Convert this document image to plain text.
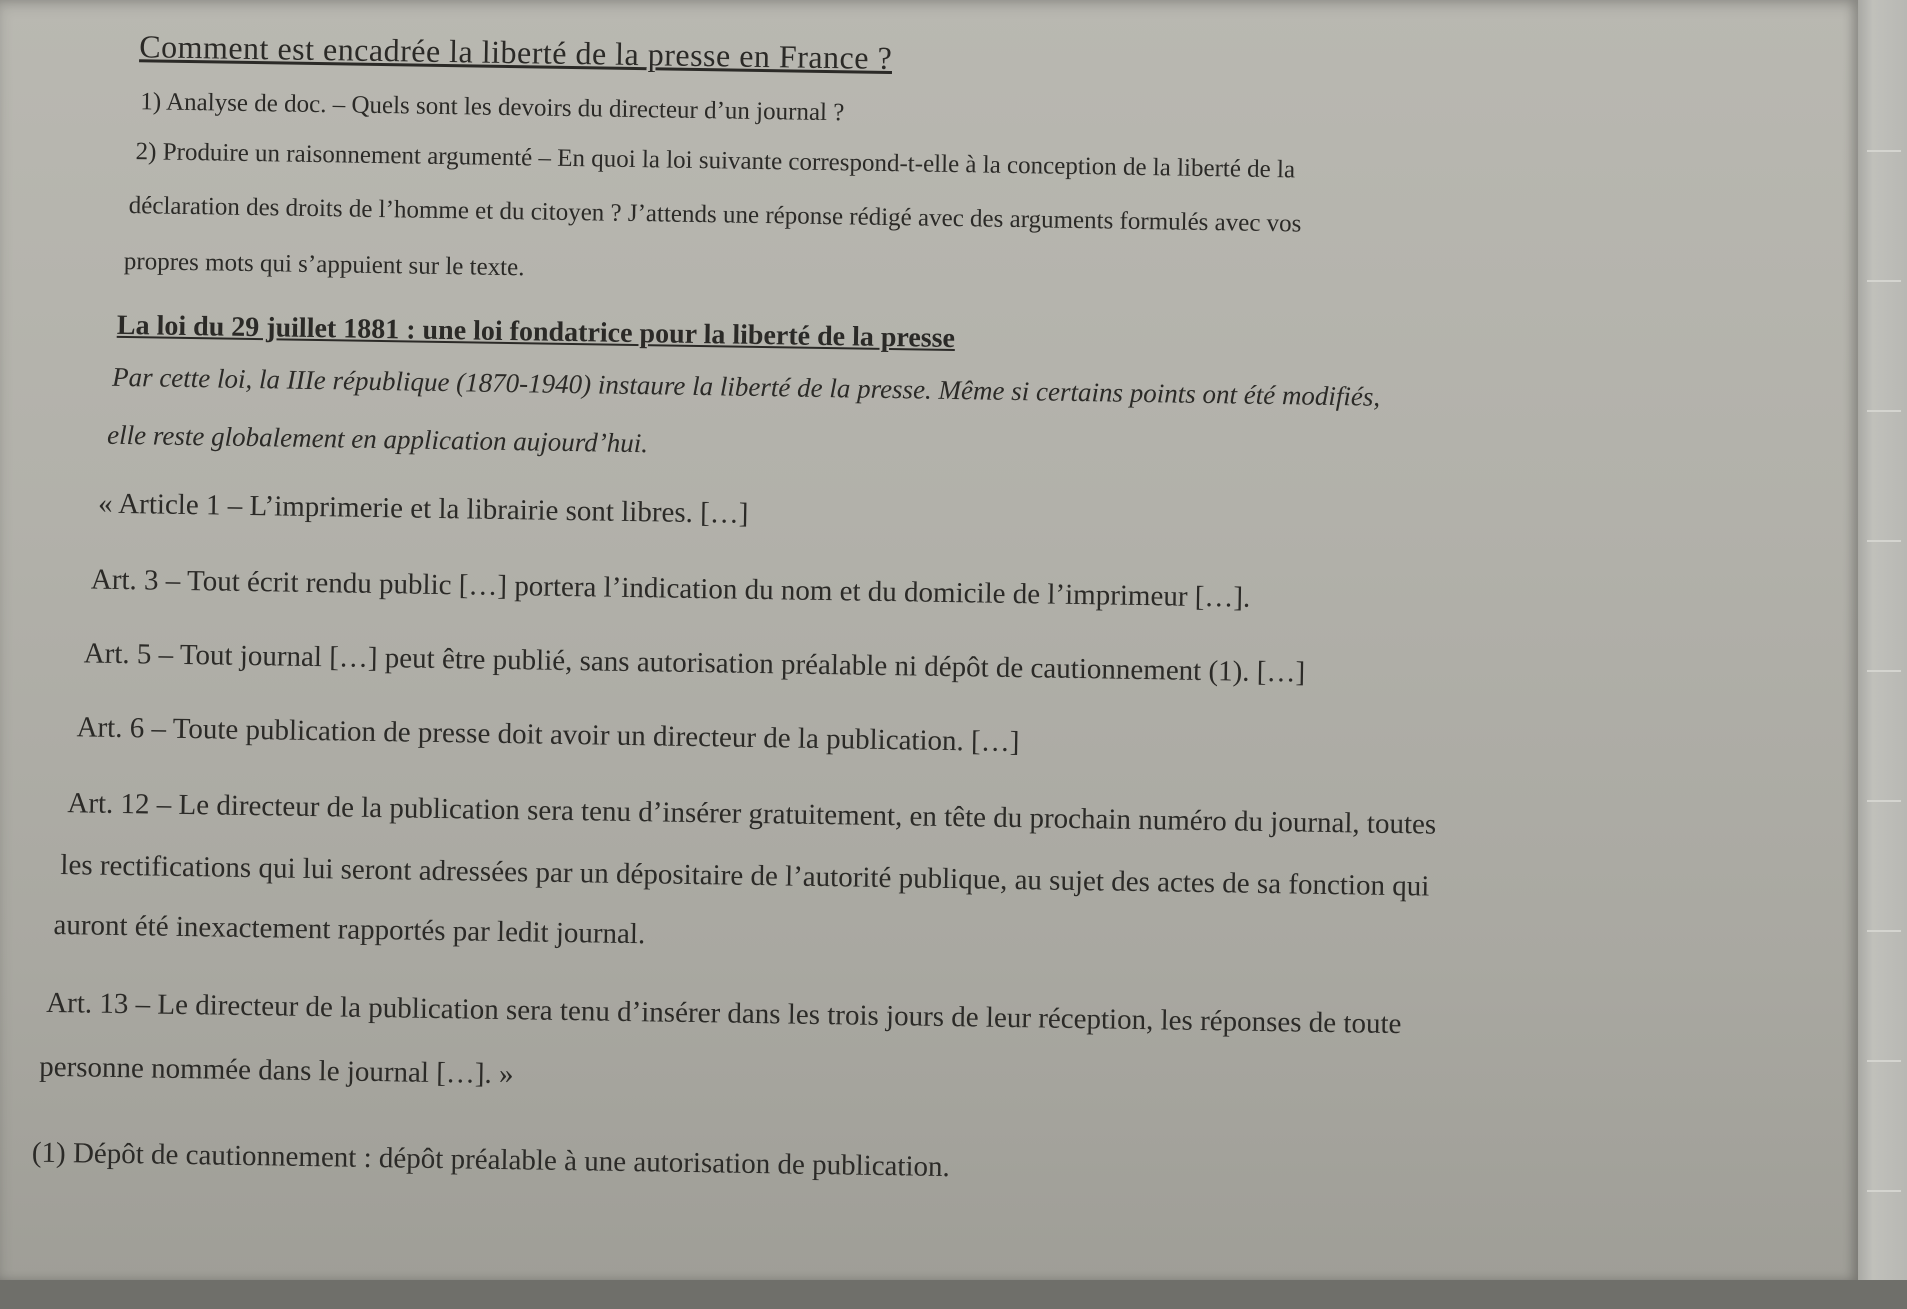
Comment est encadrée la liberté de la presse en France ?

1) Analyse de doc. – Quels sont les devoirs du directeur d’un journal ?

2) Produire un raisonnement argumenté – En quoi la loi suivante correspond-t-elle à la conception de la liberté de la

déclaration des droits de l’homme et du citoyen ? J’attends une réponse rédigé avec des arguments formulés avec vos

propres mots qui s’appuient sur le texte.

La loi du 29 juillet 1881 : une loi fondatrice pour la liberté de la presse

Par cette loi, la IIIe république (1870-1940) instaure la liberté de la presse. Même si certains points ont été modifiés,

elle reste globalement en application aujourd’hui.

« Article 1 – L’imprimerie et la librairie sont libres. […]

Art. 3 – Tout écrit rendu public […] portera l’indication du nom et du domicile de l’imprimeur […].

Art. 5 – Tout journal […] peut être publié, sans autorisation préalable ni dépôt de cautionnement (1). […]

Art. 6 – Toute publication de presse doit avoir un directeur de la publication. […]

Art. 12 – Le directeur de la publication sera tenu d’insérer gratuitement, en tête du prochain numéro du journal, toutes

les rectifications qui lui seront adressées par un dépositaire de l’autorité publique, au sujet des actes de sa fonction qui

auront été inexactement rapportés par ledit journal.

Art. 13 – Le directeur de la publication sera tenu d’insérer dans les trois jours de leur réception, les réponses de toute

personne nommée dans le journal […]. »

(1) Dépôt de cautionnement : dépôt préalable à une autorisation de publication.
